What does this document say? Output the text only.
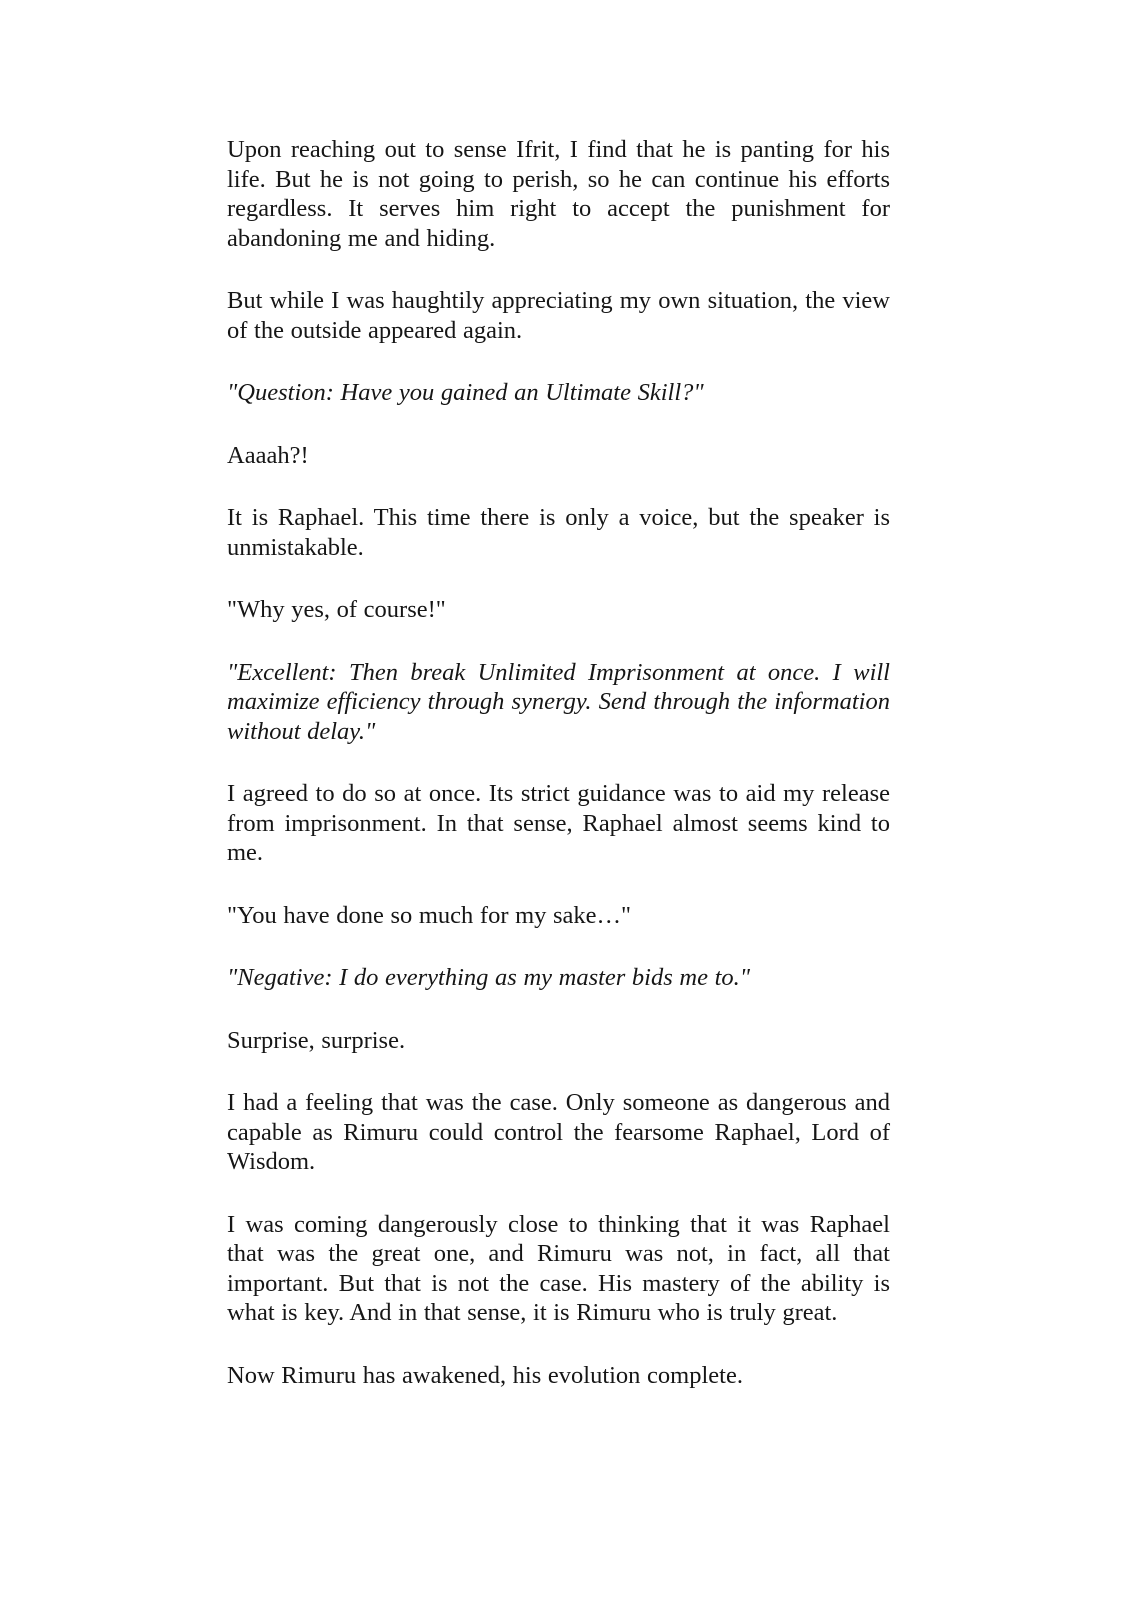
Upon reaching out to sense Ifrit, I find that he is panting for his life. But he is not going to perish, so he can continue his efforts regardless. It serves him right to accept the punishment for abandoning me and hiding.

But while I was haughtily appreciating my own situation, the view of the outside appeared again.

"Question: Have you gained an Ultimate Skill?"

Aaaah?!

It is Raphael. This time there is only a voice, but the speaker is unmistakable.

"Why yes, of course!"

"Excellent: Then break Unlimited Imprisonment at once. I will maximize efficiency through synergy. Send through the information without delay."

I agreed to do so at once. Its strict guidance was to aid my release from imprisonment. In that sense, Raphael almost seems kind to me.

"You have done so much for my sake…"

"Negative: I do everything as my master bids me to."

Surprise, surprise.

I had a feeling that was the case. Only someone as dangerous and capable as Rimuru could control the fearsome Raphael, Lord of Wisdom.

I was coming dangerously close to thinking that it was Raphael that was the great one, and Rimuru was not, in fact, all that important. But that is not the case. His mastery of the ability is what is key. And in that sense, it is Rimuru who is truly great.

Now Rimuru has awakened, his evolution complete.
